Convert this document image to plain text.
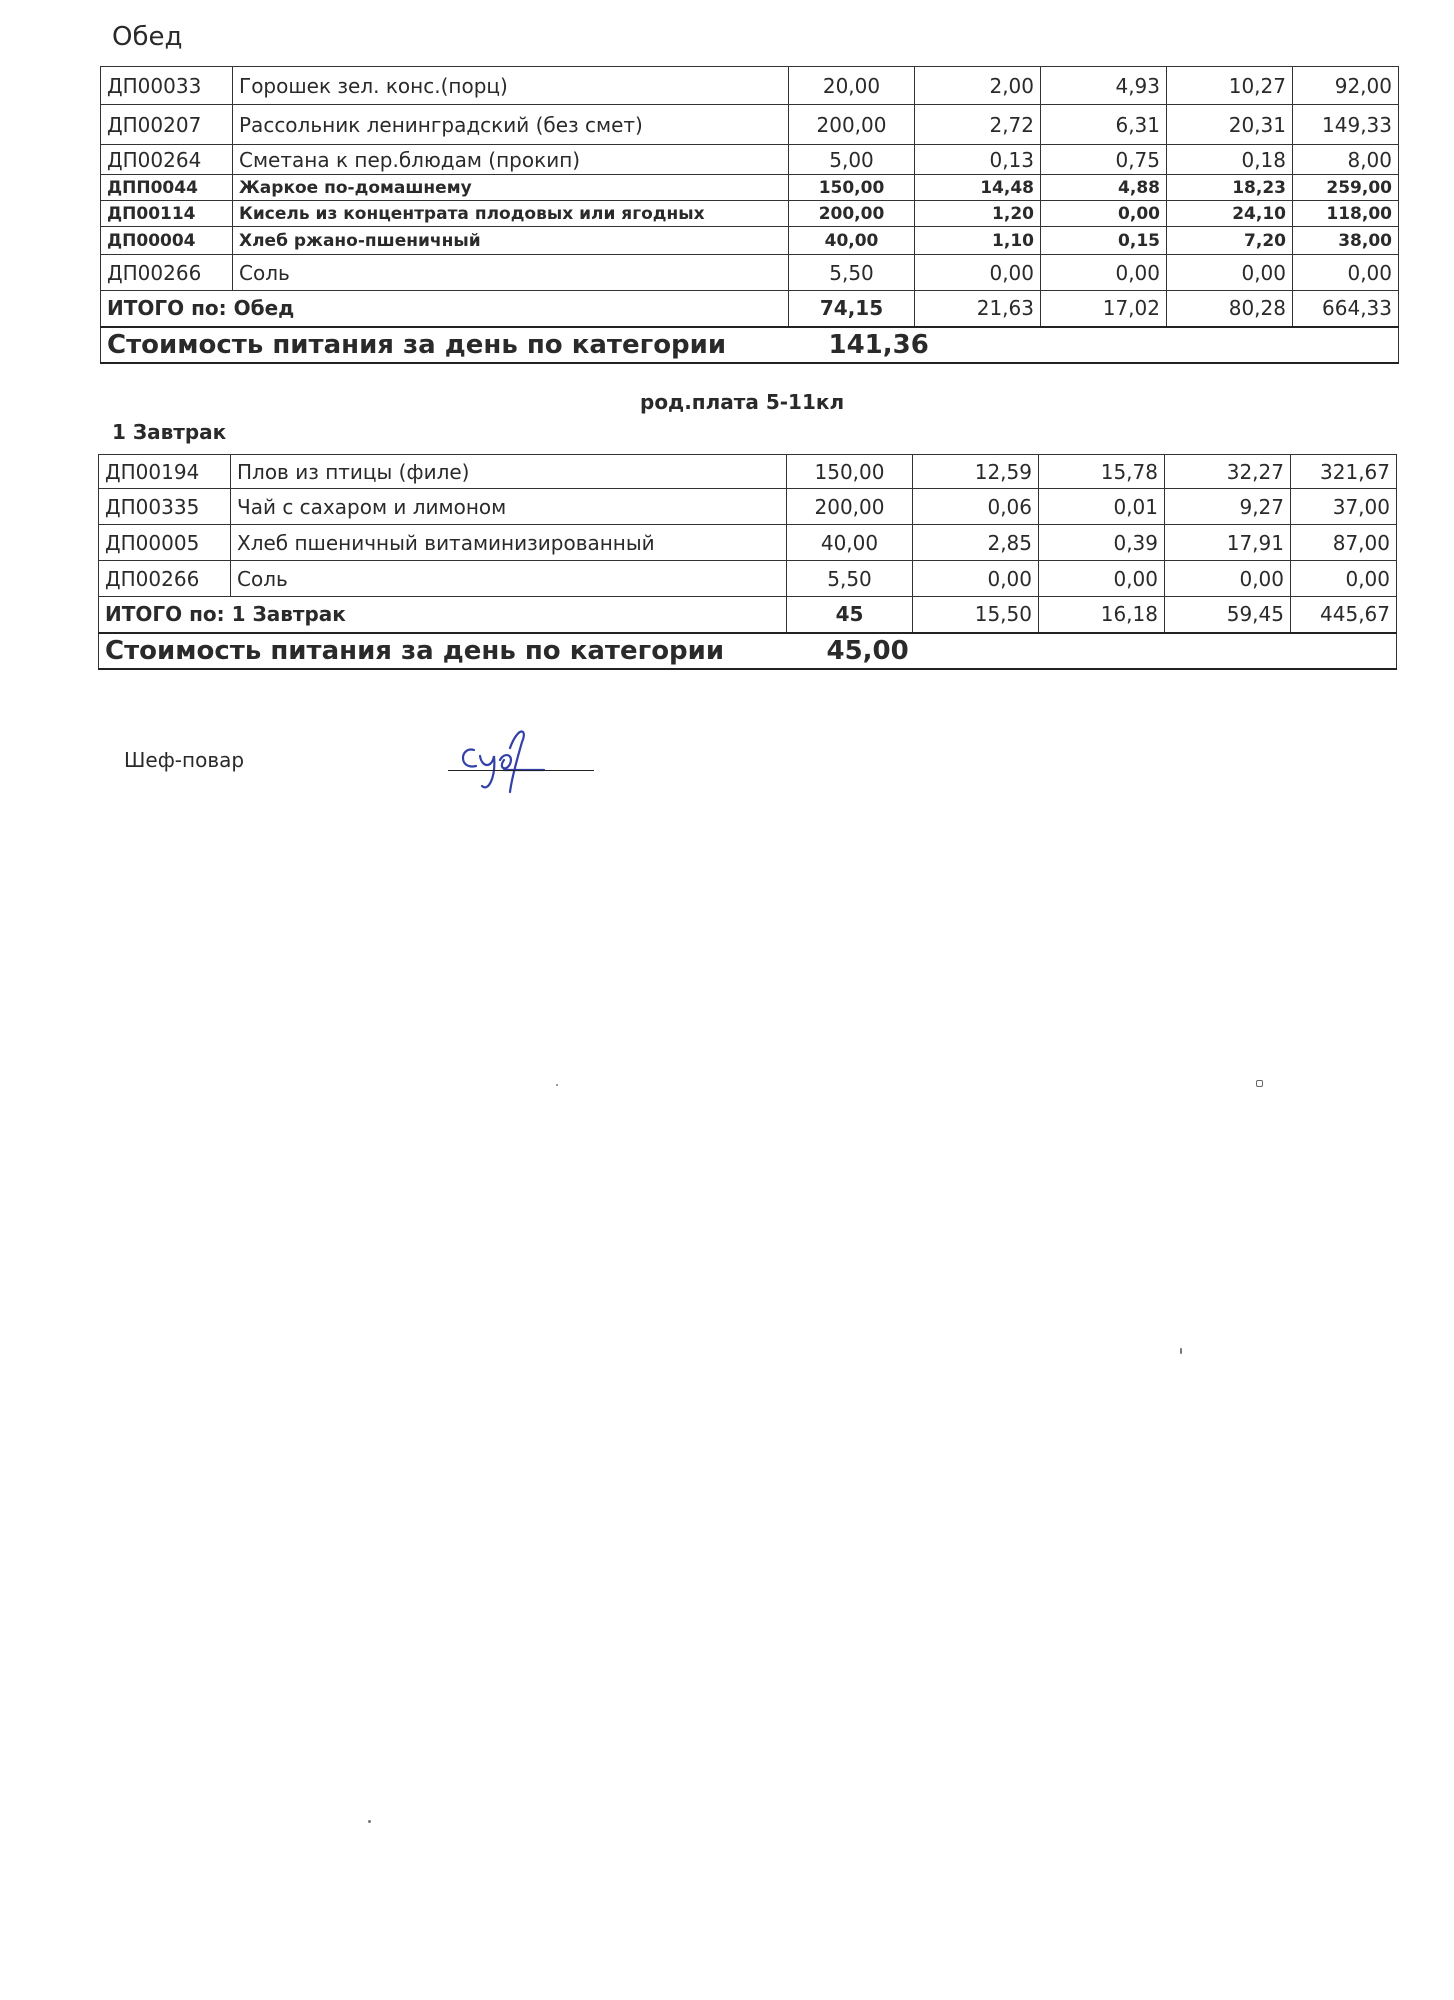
Обед
ДП00033	Горошек зел. конс.(порц)	20,00	2,00	4,93	10,27	92,00
ДП00207	Рассольник ленинградский (без смет)	200,00	2,72	6,31	20,31	149,33
ДП00264	Сметана к пер.блюдам (прокип)	5,00	0,13	0,75	0,18	8,00
ДПП0044	Жаркое по-домашнему	150,00	14,48	4,88	18,23	259,00
ДП00114	Кисель из концентрата плодовых или ягодных	200,00	1,20	0,00	24,10	118,00
ДП00004	Хлеб ржано-пшеничный	40,00	1,10	0,15	7,20	38,00
ДП00266	Соль	5,50	0,00	0,00	0,00	0,00
ИТОГО по: Обед		74,15	21,63	17,02	80,28	664,33
Стоимость питания за день по категории		141,36				
род.плата 5-11кл
1 Завтрак
ДП00194	Плов из птицы (филе)	150,00	12,59	15,78	32,27	321,67
ДП00335	Чай с сахаром и лимоном	200,00	0,06	0,01	9,27	37,00
ДП00005	Хлеб пшеничный витаминизированный	40,00	2,85	0,39	17,91	87,00
ДП00266	Соль	5,50	0,00	0,00	0,00	0,00
ИТОГО по: 1 Завтрак		45	15,50	16,18	59,45	445,67
Стоимость питания за день по категории		45,00				
Шеф-повар
